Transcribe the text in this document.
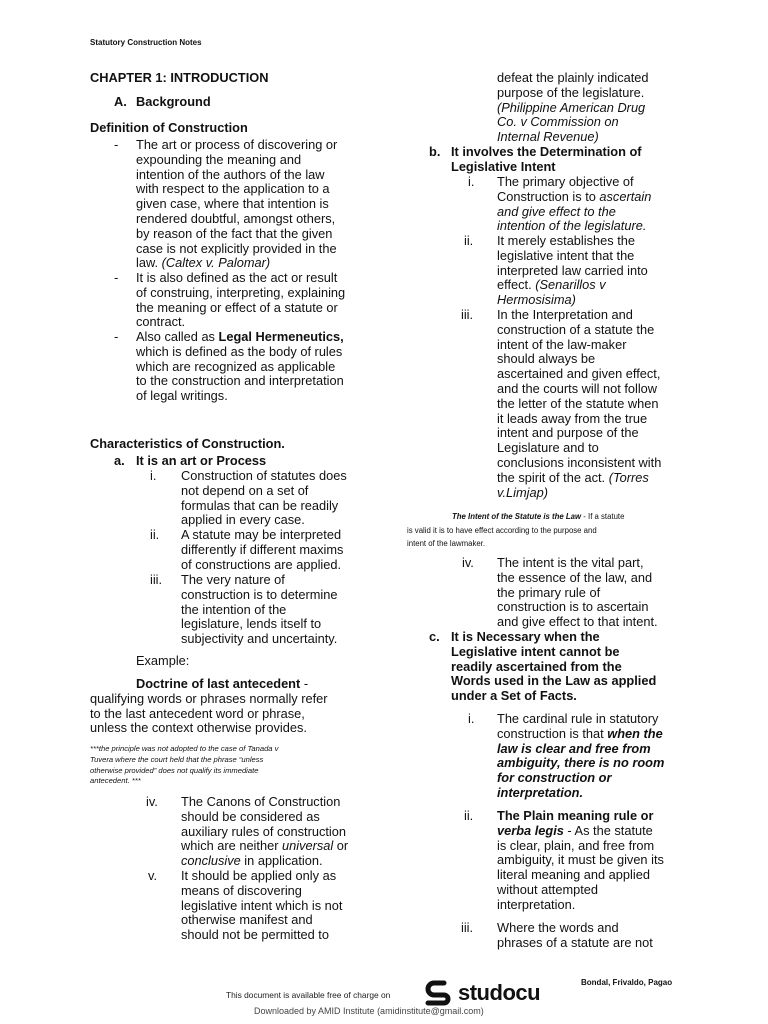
Statutory Construction Notes
CHAPTER 1: INTRODUCTION
A. Background
Definition of Construction
- The art or process of discovering or
expounding the meaning and
intention of the authors of the law
with respect to the application to a
given case, where that intention is
rendered doubtful, amongst others,
by reason of the fact that the given
case is not explicitly provided in the
law. (Caltex v. Palomar)
- It is also defined as the act or result
of construing, interpreting, explaining
the meaning or effect of a statute or
contract.
- Also called as Legal Hermeneutics,
which is defined as the body of rules
which are recognized as applicable
to the construction and interpretation
of legal writings.
Characteristics of Construction.
a. It is an art or Process
i. Construction of statutes does
not depend on a set of
formulas that can be readily
applied in every case.
ii. A statute may be interpreted
differently if different maxims
of constructions are applied.
iii. The very nature of
construction is to determine
the intention of the
legislature, lends itself to
subjectivity and uncertainty.
Example:
Doctrine of last antecedent -
qualifying words or phrases normally refer
to the last antecedent word or phrase,
unless the context otherwise provides.
***the principle was not adopted to the case of Tanada v
Tuvera where the court held that the phrase “unless
otherwise provided” does not qualify its immediate
antecedent. ***
iv. The Canons of Construction
should be considered as
auxiliary rules of construction
which are neither universal or
conclusive in application.
v. It should be applied only as
means of discovering
legislative intent which is not
otherwise manifest and
should not be permitted to
defeat the plainly indicated
purpose of the legislature.
(Philippine American Drug
Co. v Commission on
Internal Revenue)
b. It involves the Determination of
Legislative Intent
i. The primary objective of
Construction is to ascertain
and give effect to the
intention of the legislature.
ii. It merely establishes the
legislative intent that the
interpreted law carried into
effect. (Senarillos v
Hermosisima)
iii. In the Interpretation and
construction of a statute the
intent of the law-maker
should always be
ascertained and given effect,
and the courts will not follow
the letter of the statute when
it leads away from the true
intent and purpose of the
Legislature and to
conclusions inconsistent with
the spirit of the act. (Torres
v.Limjap)
The Intent of the Statute is the Law - If a statute
is valid it is to have effect according to the purpose and
intent of the lawmaker.
iv. The intent is the vital part,
the essence of the law, and
the primary rule of
construction is to ascertain
and give effect to that intent.
c. It is Necessary when the
Legislative intent cannot be
readily ascertained from the
Words used in the Law as applied
under a Set of Facts.
i. The cardinal rule in statutory
construction is that when the
law is clear and free from
ambiguity, there is no room
for construction or
interpretation.
ii. The Plain meaning rule or
verba legis - As the statute
is clear, plain, and free from
ambiguity, it must be given its
literal meaning and applied
without attempted
interpretation.
iii. Where the words and
phrases of a statute are not
Bondal, Frivaldo, Pagao
This document is available free of charge on	studocu
Downloaded by AMID Institute (amidinstitute@gmail.com)
